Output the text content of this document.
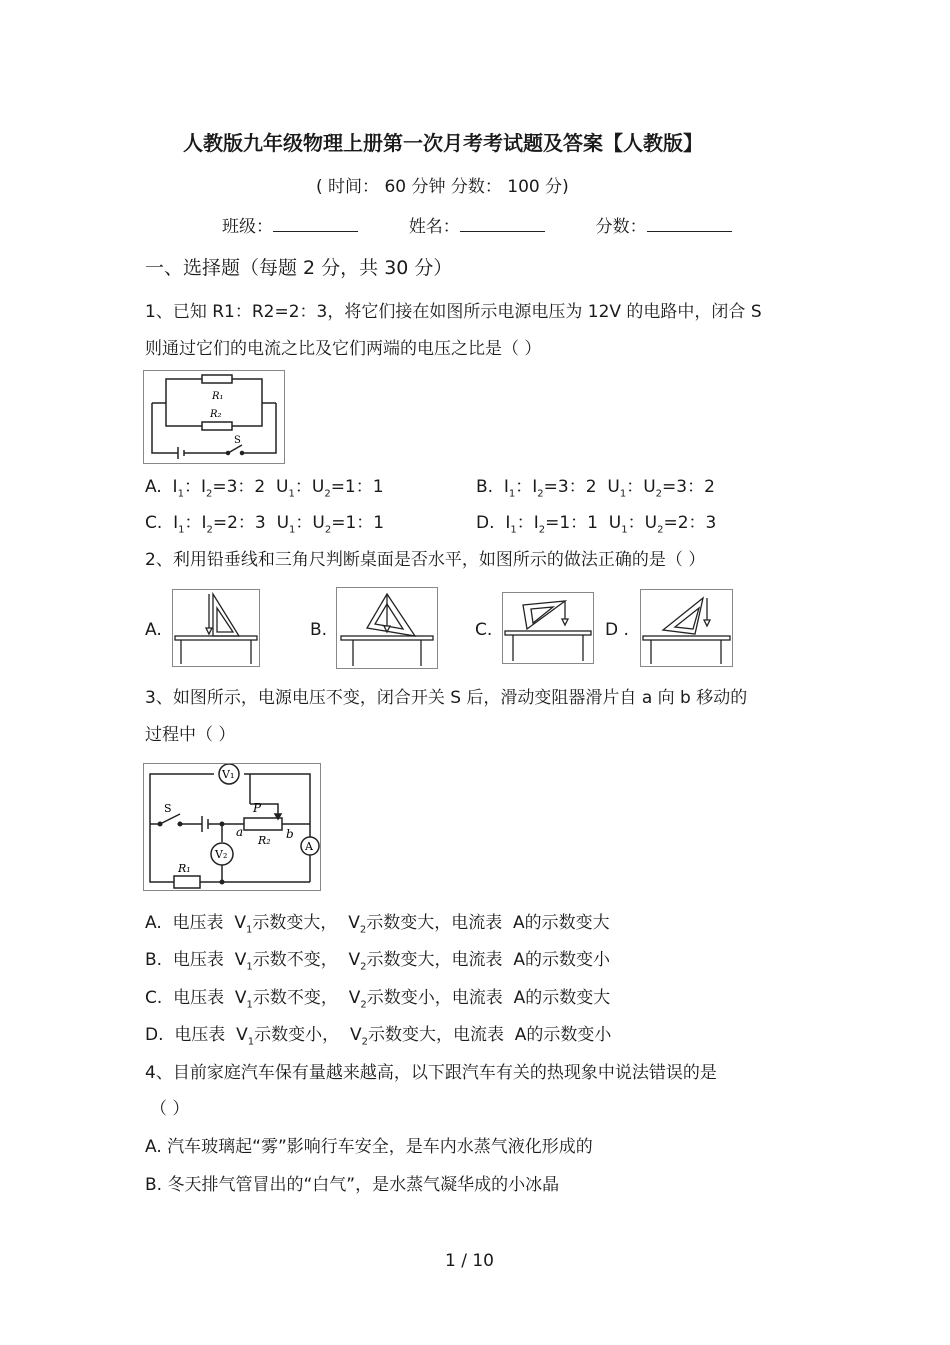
人教版九年级物理上册第一次月考考试题及答案【人教版】
( 时间： 60 分钟 分数： 100 分)
班级：	姓名：	分数：
一、选择题（每题 2 分，共 30 分）
1、已知 R1：R2=2：3，将它们接在如图所示电源电压为 12V 的电路中，闭合 S
则通过它们的电流之比及它们两端的电压之比是（ ）
R₁
R₂
S
A. $I_1$：$I_2=3$：2 $U_1$：$U_2=1$：1	B. $I_1$：$I_2=3$：2 $U_1$：$U_2=3$：2
C. $I_1$：$I_2=2$：3 $U_1$：$U_2=1$：1	D. $I_1$：$I_2=1$：1 $U_1$：$U_2=2$：3
2、利用铅垂线和三角尺判断桌面是否水平，如图所示的做法正确的是（ ）
A.	B.	C.	D .
3、如图所示，电源电压不变，闭合开关 S 后，滑动变阻器滑片自 a 向 b 移动的
过程中（ ）
V₁
V₂
A
S	P
a	b
R₂
R₁
A. 电压表 $V_1$示数变大， $V_2$示数变大，电流表 A的示数变大
B. 电压表 $V_1$示数不变， $V_2$示数变大，电流表 A的示数变小
C. 电压表 $V_1$示数不变， $V_2$示数变小，电流表 A的示数变大
D. 电压表 $V_1$示数变小， $V_2$示数变大，电流表 A的示数变小
4、目前家庭汽车保有量越来越高，以下跟汽车有关的热现象中说法错误的是
（ ）
A. 汽车玻璃起“雾”影响行车安全，是车内水蒸气液化形成的
B. 冬天排气管冒出的“白气”，是水蒸气凝华成的小冰晶
1 / 10
